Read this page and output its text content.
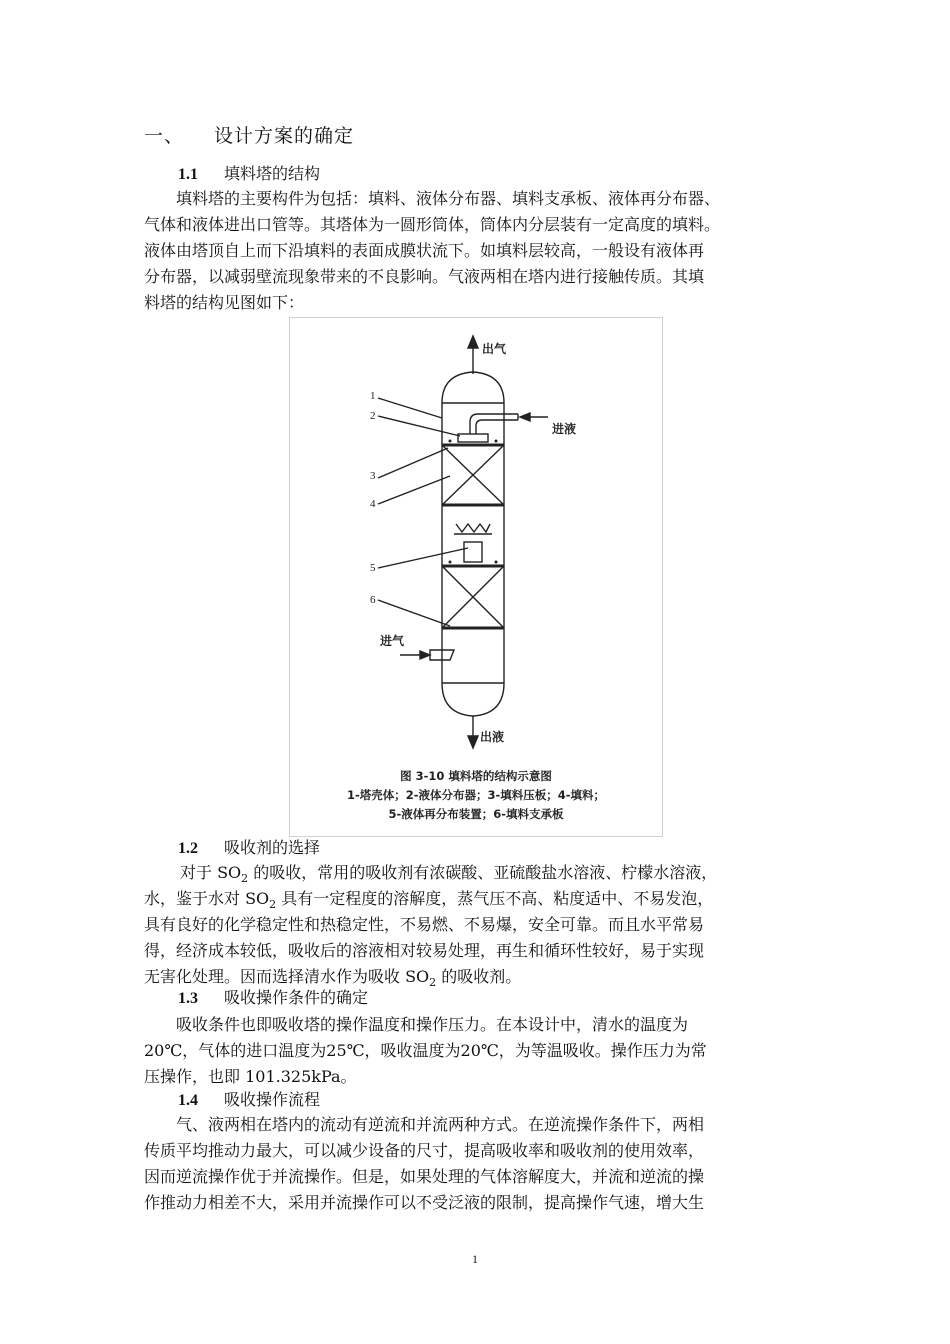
一、 设计方案的确定
1.1 填料塔的结构
填料塔的主要构件为包括：填料、液体分布器、填料支承板、液体再分布器、
气体和液体进出口管等。其塔体为一圆形筒体，筒体内分层装有一定高度的填料。
液体由塔顶自上而下沿填料的表面成膜状流下。如填料层较高，一般设有液体再
分布器，以减弱壁流现象带来的不良影响。气液两相在塔内进行接触传质。其填
料塔的结构见图如下：
出气
进液
进气
出液
1
2
3
4
5
6
图 3-10 填料塔的结构示意图
1-塔壳体；2-液体分布器；3-填料压板；4-填料；
5-液体再分布装置；6-填料支承板
1.2 吸收剂的选择
对于 $SO_2$ 的吸收，常用的吸收剂有浓碳酸、亚硫酸盐水溶液、柠檬水溶液，
水，鉴于水对 $SO_2$ 具有一定程度的溶解度，蒸气压不高、粘度适中、不易发泡，
具有良好的化学稳定性和热稳定性，不易燃、不易爆，安全可靠。而且水平常易
得，经济成本较低，吸收后的溶液相对较易处理，再生和循环性较好，易于实现
无害化处理。因而选择清水作为吸收 $SO_2$ 的吸收剂。
1.3 吸收操作条件的确定
吸收条件也即吸收塔的操作温度和操作压力。在本设计中，清水的温度为
20℃，气体的进口温度为25℃，吸收温度为20℃，为等温吸收。操作压力为常
压操作，也即 101.325kPa。
1.4 吸收操作流程
气、液两相在塔内的流动有逆流和并流两种方式。在逆流操作条件下，两相
传质平均推动力最大，可以减少设备的尺寸，提高吸收率和吸收剂的使用效率，
因而逆流操作优于并流操作。但是，如果处理的气体溶解度大，并流和逆流的操
作推动力相差不大，采用并流操作可以不受泛液的限制，提高操作气速，增大生
1
